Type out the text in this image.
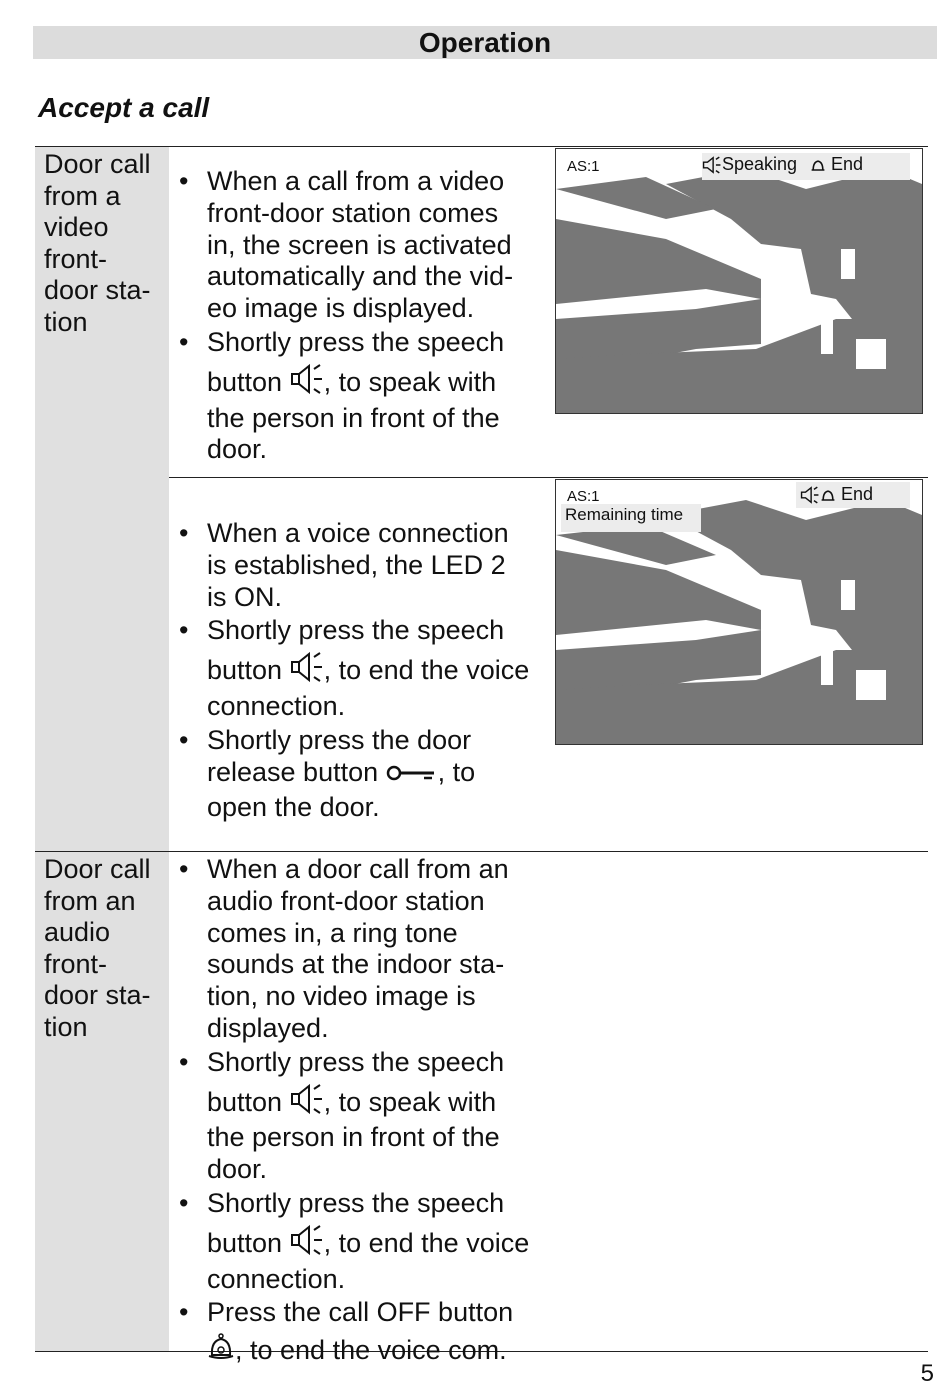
Operation
Accept a call
Door call
from a
video
front-
door sta-
tion
Door call
from an
audio
front-
door sta-
tion
• When a call from a video
front-door station comes
in, the screen is activated
automatically and the vid-
eo image is displayed.
• Shortly press the speech
button , to speak with
the person in front of the
door.
• When a voice connection
is established, the LED 2
is ON.
• Shortly press the speech
button , to end the voice
connection.
• Shortly press the door
release button , to
open the door.
AS:1	Speaking	End
AS:1
Remaining time
End
• When a door call from an
audio front-door station
comes in, a ring tone
sounds at the indoor sta-
tion, no video image is
displayed.
• Shortly press the speech
button , to speak with
the person in front of the
door.
• Shortly press the speech
button , to end the voice
connection.
• Press the call OFF button
, to end the voice com.
5
